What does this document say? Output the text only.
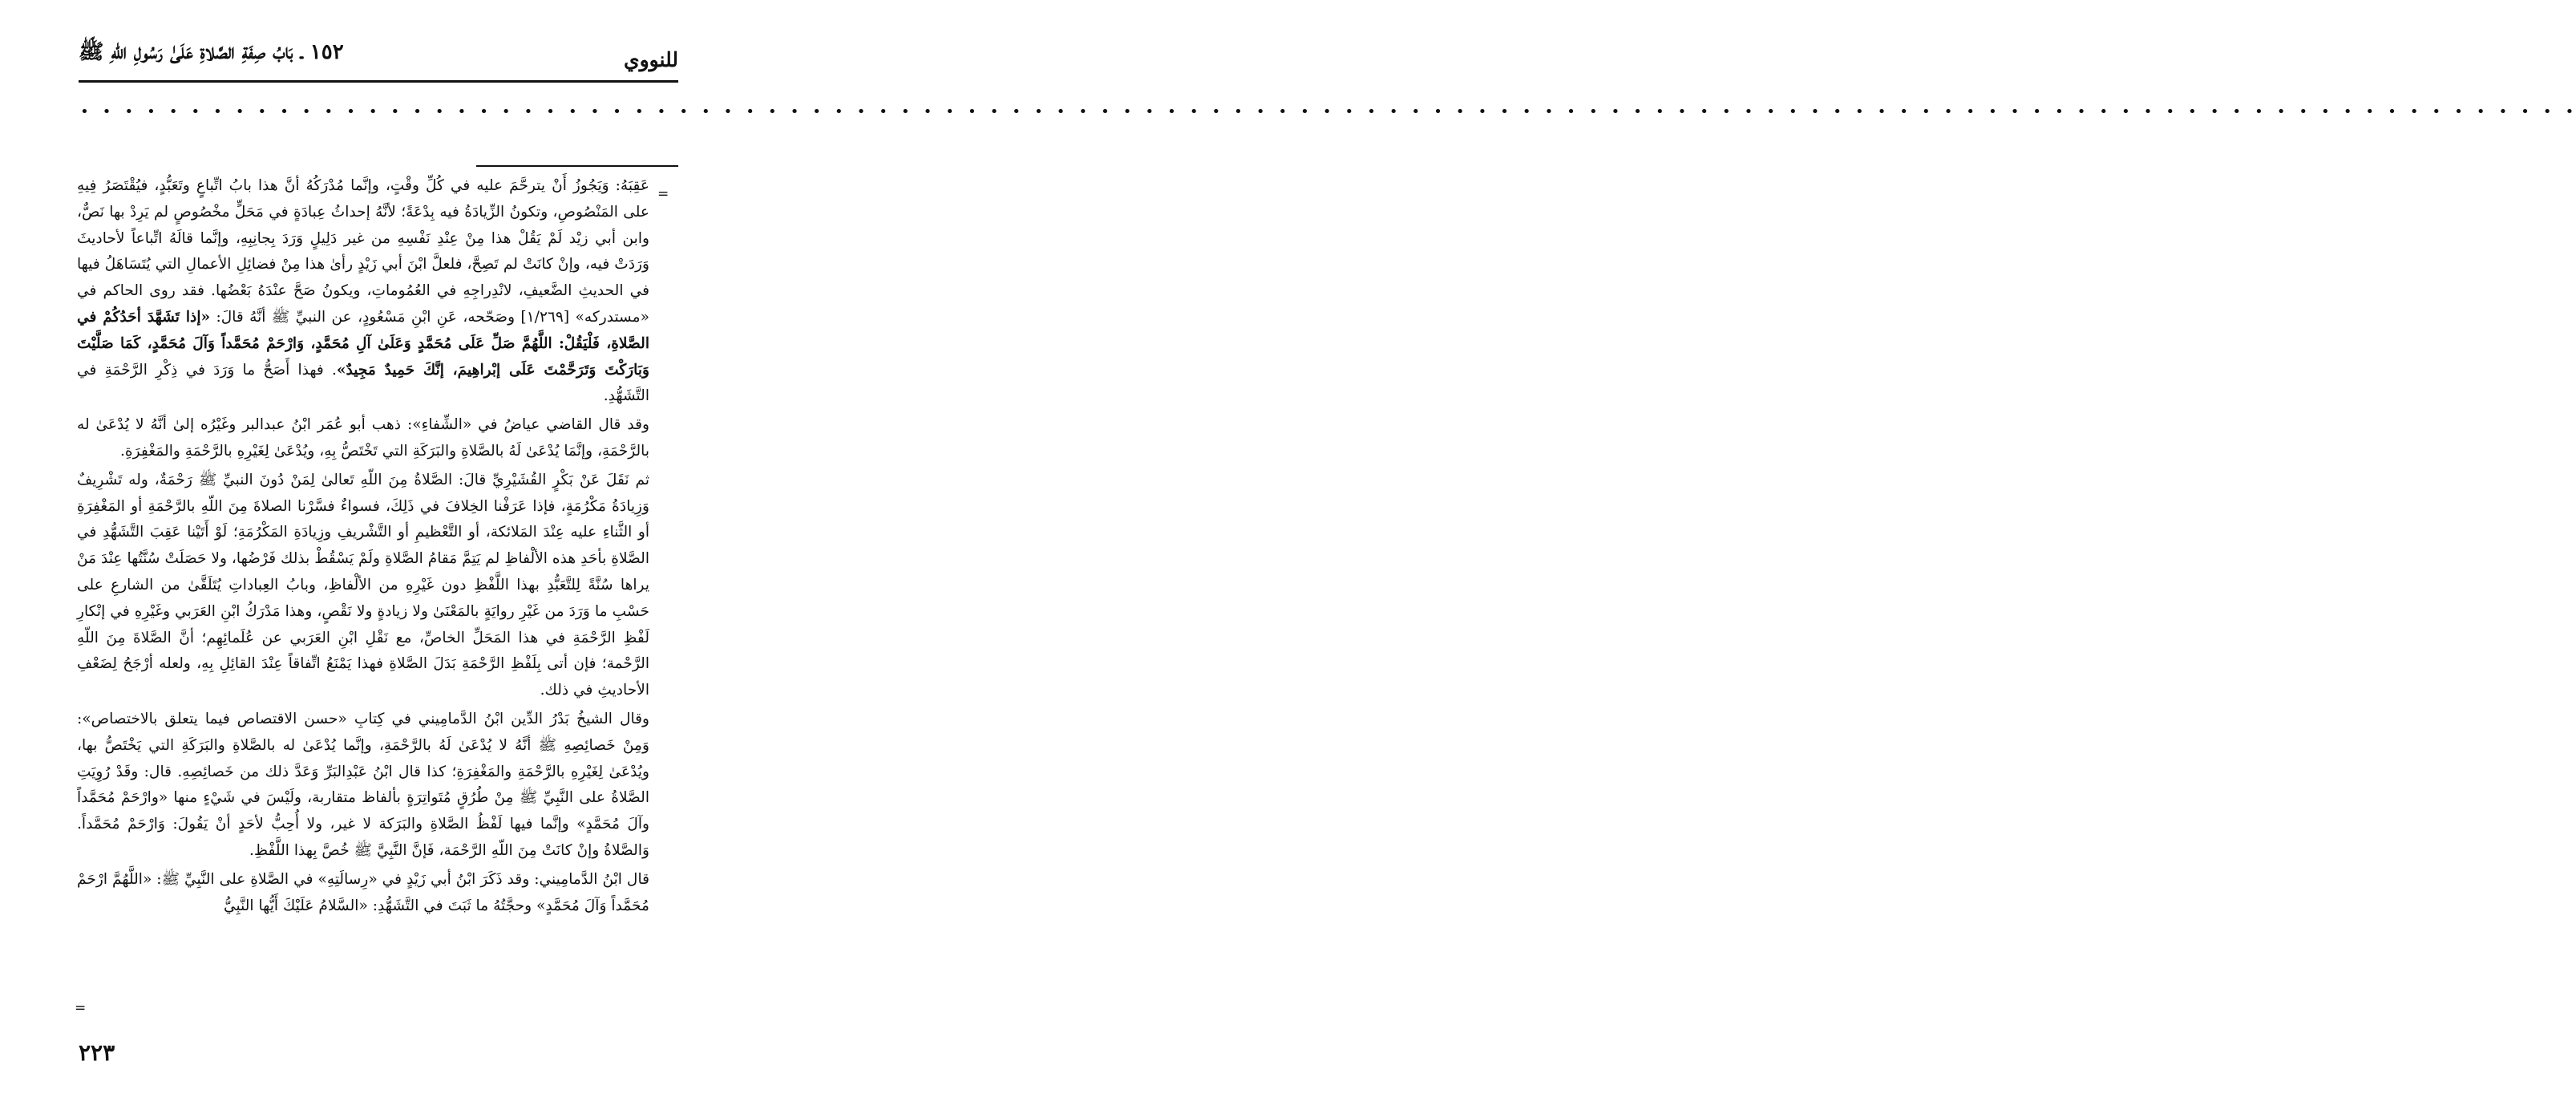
للنووي
١٥٢ ـ بَابُ صِفَةِ الصَّلاةِ عَلَىٰ رَسُولِ اللّهِ ﷺ
• • • • • • • • • • • • • • • • • • • • • • • • • • • • • • • • • • • • • • • • • • • • • • • • • • • • • • • • • • • • • • • • • • • • • • • • • • • • • • • • • • • • • • • • • • • • • • • • • • • • • • • • • • • • • • • • •
=

عَقِبَهُ: وَيَجُوزُ أَنْ يترحَّمَ عليه في كُلِّ وقْتٍ، وإنَّما مُدْرَكُهُ أنَّ هذا بابُ اتِّباعٍ وتَعَبُّدٍ، فيُقْتَصَرُ فِيهِ على المَنْصُوصِ، وتكونُ الزِّيادَةُ فيه بِدْعَةً؛ لأنَّهُ إحداثُ عِبادَةٍ في مَحَلٍّ مخْصُوصٍ لم يَرِدْ بها نَصٌّ، وابن أبي زيْد لَمْ يَقُلْ هذا مِنْ عِنْدِ نَفْسِهِ من غير دَلِيلٍ وَرَدَ بِجانِبِهِ، وإنَّما قالَهُ اتِّباعاً لأحاديثَ وَرَدَتْ فيه، وإنْ كانَتْ لم تَصِحَّ، فلعلَّ ابْنَ أبي زَيْدٍ رأىٰ هذا مِنْ فضائِلِ الأعمالِ التي يُتَسَاهَلُ فيها في الحديثِ الضَّعيفِ، لانْدِراجِهِ في العُمُوماتِ، ويكونُ صَحَّ عنْدَهُ بَعْضُها. فقد روى الحاكم في «مستدركه» [١/٢٦٩] وصَحّحه، عَنِ ابْنِ مَسْعُودٍ، عن النبيِّ ﷺ أنَّهُ قالَ: «إذا تَشَهَّدَ أحَدُكُمْ في الصَّلاةِ، فَلْيَقُلْ: اللَّهُمَّ صَلِّ عَلَى مُحَمَّدٍ وَعَلَىٰ آلِ مُحَمَّدٍ، وَارْحَمْ مُحَمَّداً وَآلَ مُحَمَّدٍ، كَمَا صَلَّيْتَ وَبَارَكْتَ وَتَرَحَّمْتَ عَلَى إبْراهِيمَ، إنَّكَ حَمِيدٌ مَجِيدٌ». فهذا أَصَحُّ ما وَرَدَ في ذِكْرِ الرَّحْمَةِ في التَّشَهُّدِ.

وقد قال القاضي عياضُ في «الشِّفاءِ»: ذهب أبو عُمَر ابْنُ عبدالبر وغَيْرُه إلىٰ أنَّهُ لا يُدْعَىٰ له بالرَّحْمَةِ، وإنَّمَا يُدْعَىٰ لَهُ بالصَّلاةِ والبَرَكَةِ التي تَخْتَصُّ بِهِ، ويُدْعَىٰ لِغَيْرِهِ بالرَّحْمَةِ والمَغْفِرَةِ.

ثم نَقَلَ عَنْ بَكْرٍ القُشَيْرِيِّ قالَ: الصَّلاةُ مِنَ اللّهِ تَعالىٰ لِمَنْ دُونَ النبيِّ ﷺ رَحْمَةٌ، وله تَشْرِيفٌ وَزِيادَةُ مَكْرُمَةٍ، فإذا عَرَفْنا الخِلافَ في ذَلِكَ، فسواءٌ فسَّرْنا الصلاةَ مِنَ اللّهِ بالرَّحْمَةِ أو المَغْفِرَةِ أو الثَّناءِ عليه عِنْدَ المَلائكة، أو التَّعْظيمِ أو التَّشْريفِ وزِيادَةِ المَكْرُمَةِ؛ لَوْ أَتَيْنا عَقِبَ التَّشَهُّدِ في الصَّلاةِ بأحَدِ هذه الألْفاظِ لم يَتِمَّ مَقامُ الصَّلاةِ ولَمْ يَسْقُطْ بذلك فَرْضُها، ولا حَصَلَتْ سُنَّتُها عِنْدَ مَنْ يراها سُنَّةً لِلتَّعَبُّدِ بهذا اللَّفْظِ دون غَيْرِهِ من الألْفاظِ، وبابُ العِباداتِ يُتَلَقَّىٰ من الشارعِ على حَسْبِ ما وَرَدَ من غَيْرِ روايَةٍ بالمَعْنَىٰ ولا زيادةٍ ولا نَقْصٍ، وهذا مَدْرَكُ ابْنِ العَرَبي وغَيْرِهِ في إنْكارِ لَفْظِ الرَّحْمَةِ في هذا المَحَلِّ الخاصِّ، مع نَقْلِ ابْنِ العَرَبي عن عُلَمائِهِم؛ أنَّ الصَّلاةَ مِنَ اللّهِ الرَّحْمة؛ فإن أتى بِلَفْظِ الرَّحْمَةِ بَدَلَ الصَّلاةِ فهذا يَمْنَعُ اتِّفاقاً عِنْدَ القائِلِ بِهِ، ولعله أرْجَحُ لِضَعْفِ الأحاديثِ في ذلك.

وقال الشيخُ بَدْرُ الدِّين ابْنُ الدَّمامِيني في كِتابِ «حسن الاقتصاص فيما يتعلق بالاختصاص»: وَمِنْ خَصائِصِهِ ﷺ أنَّهُ لا يُدْعَىٰ لَهُ بالرَّحْمَةِ، وإنَّما يُدْعَىٰ له بالصَّلاةِ والبَرَكَةِ التي يَخْتَصُّ بها، ويُدْعَىٰ لِغَيْرِهِ بالرَّحْمَةِ والمَغْفِرَةِ؛ كذا قال ابْنُ عَبْدِالبَرِّ وَعَدَّ ذلك من خَصائِصِهِ. قال: وقَدْ رُوِيَتِ الصَّلاةُ على النَّبِيِّ ﷺ مِنْ طُرُقٍ مُتَواتِرَةٍ بألفاظ متقاربة، ولَيْسَ في شَيْءٍ منها «وارْحَمْ مُحَمَّداً وآلَ مُحَمَّدٍ» وإنَّما فيها لَفْظُ الصَّلاةِ والبَرَكة لا غير، ولا أُحِبُّ لأحَدٍ أنْ يَقُولَ: وَارْحَمْ مُحَمَّداً. وَالصَّلاةُ وإنْ كانَتْ مِنَ اللّهِ الرَّحْمَة، فَإنَّ النَّبِيَّ ﷺ خُصَّ بِهذا اللَّفْظِ.

قال ابْنُ الدَّمامِيني: وقد ذَكَرَ ابْنُ أبي زَيْدٍ في «رِسالَتِهِ» في الصَّلاةِ على النَّبِيِّ ﷺ: «اللَّهُمَّ ارْحَمْ مُحَمَّداً وَآلَ مُحَمَّدٍ» وحجَّتُهُ ما ثَبَتَ في التَّشَهُّدِ: «السَّلامُ عَلَيْكَ أَيُّها النَّبِيُّ

=
٢٢٣
